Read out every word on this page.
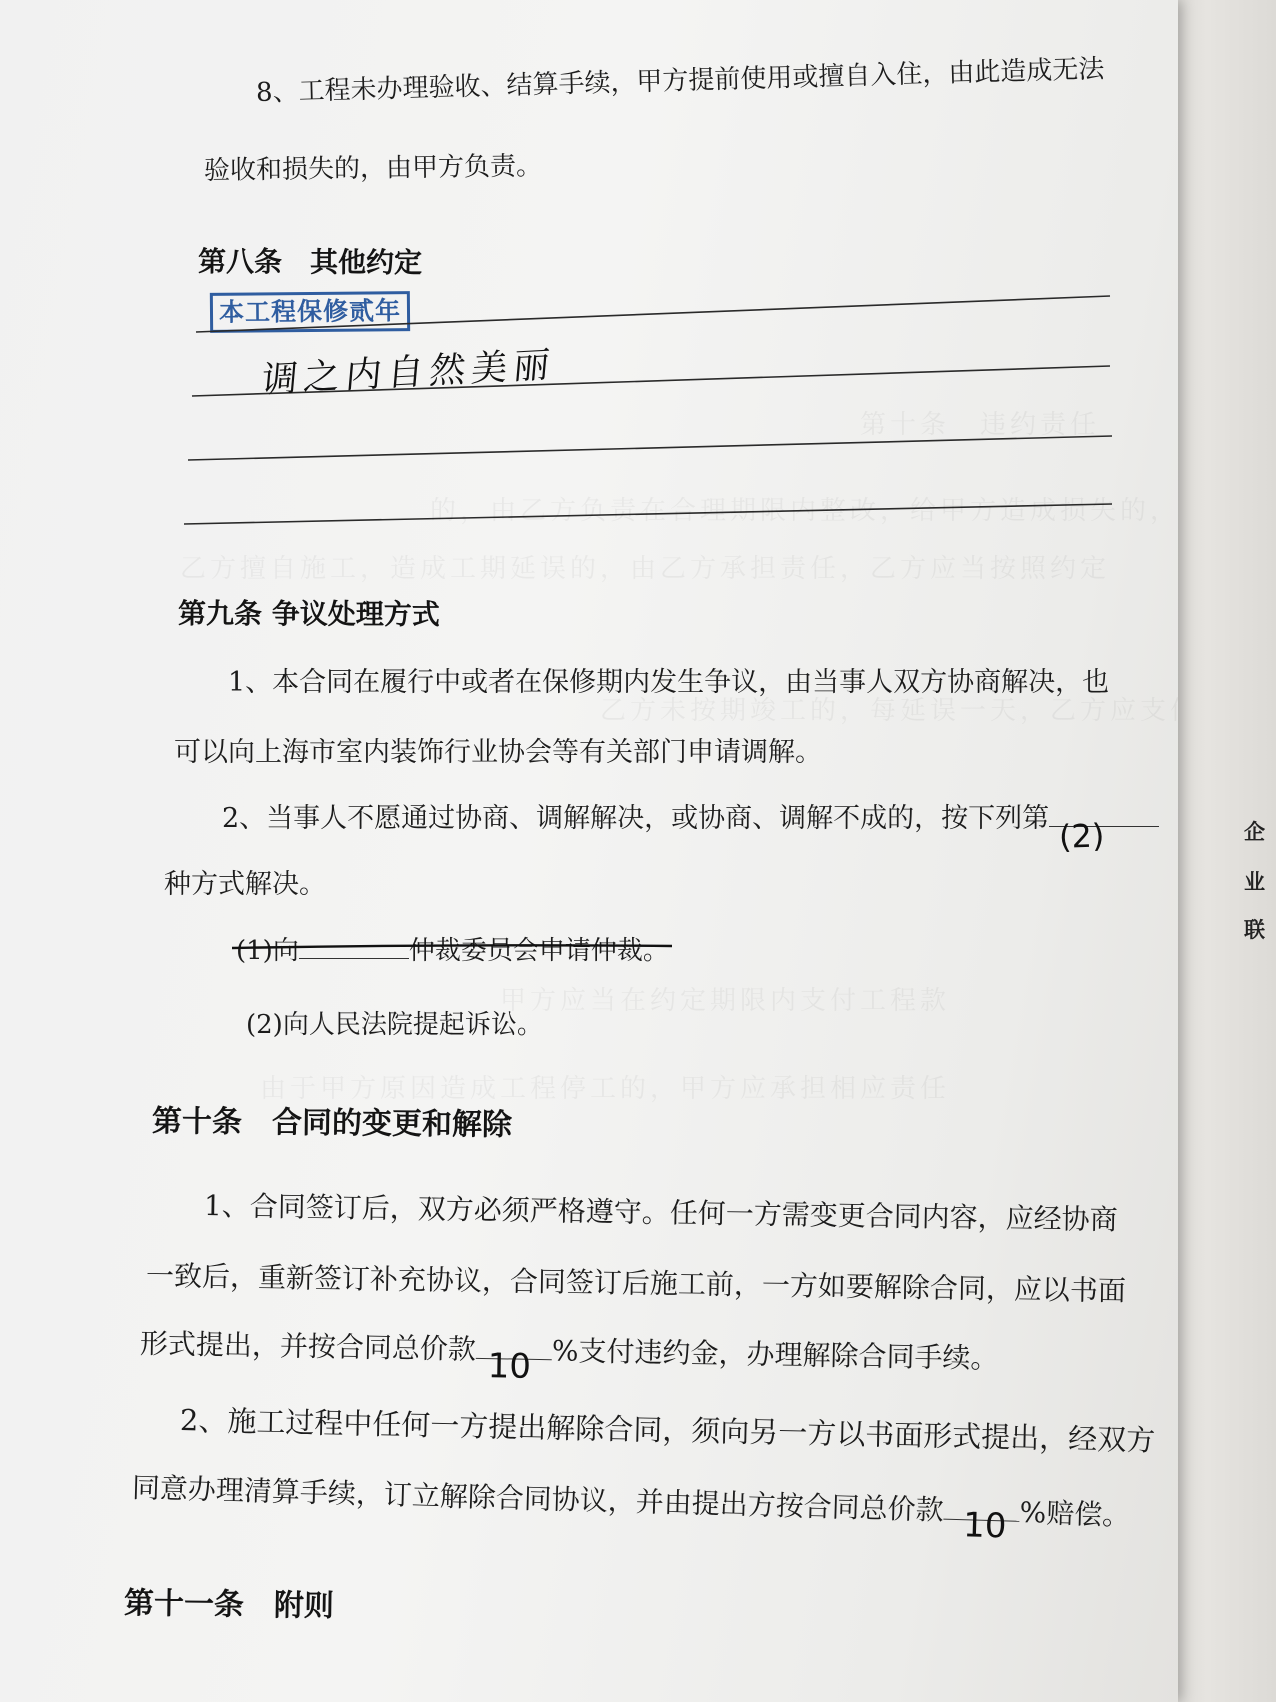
企
业
联
8、工程未办理验收、结算手续，甲方提前使用或擅自入住，由此造成无法
验收和损失的，由甲方负责。
第八条　其他约定
本工程保修贰年
调之内自然美丽
第九条 争议处理方式
1、本合同在履行中或者在保修期内发生争议，由当事人双方协商解决，也
可以向上海市室内装饰行业协会等有关部门申请调解。
2、当事人不愿通过协商、调解解决，或协商、调解不成的，按下列第 (2)
种方式解决。
(1)向	仲裁委员会申请仲裁。
(2)向人民法院提起诉讼。
第十条　合同的变更和解除
1、合同签订后，双方必须严格遵守。任何一方需变更合同内容，应经协商
一致后，重新签订补充协议，合同签订后施工前，一方如要解除合同，应以书面
形式提出，并按合同总价款 10 %支付违约金，办理解除合同手续。
2、施工过程中任何一方提出解除合同，须向另一方以书面形式提出，经双方
同意办理清算手续，订立解除合同协议，并由提出方按合同总价款 10 %赔偿。
第十一条　附则
